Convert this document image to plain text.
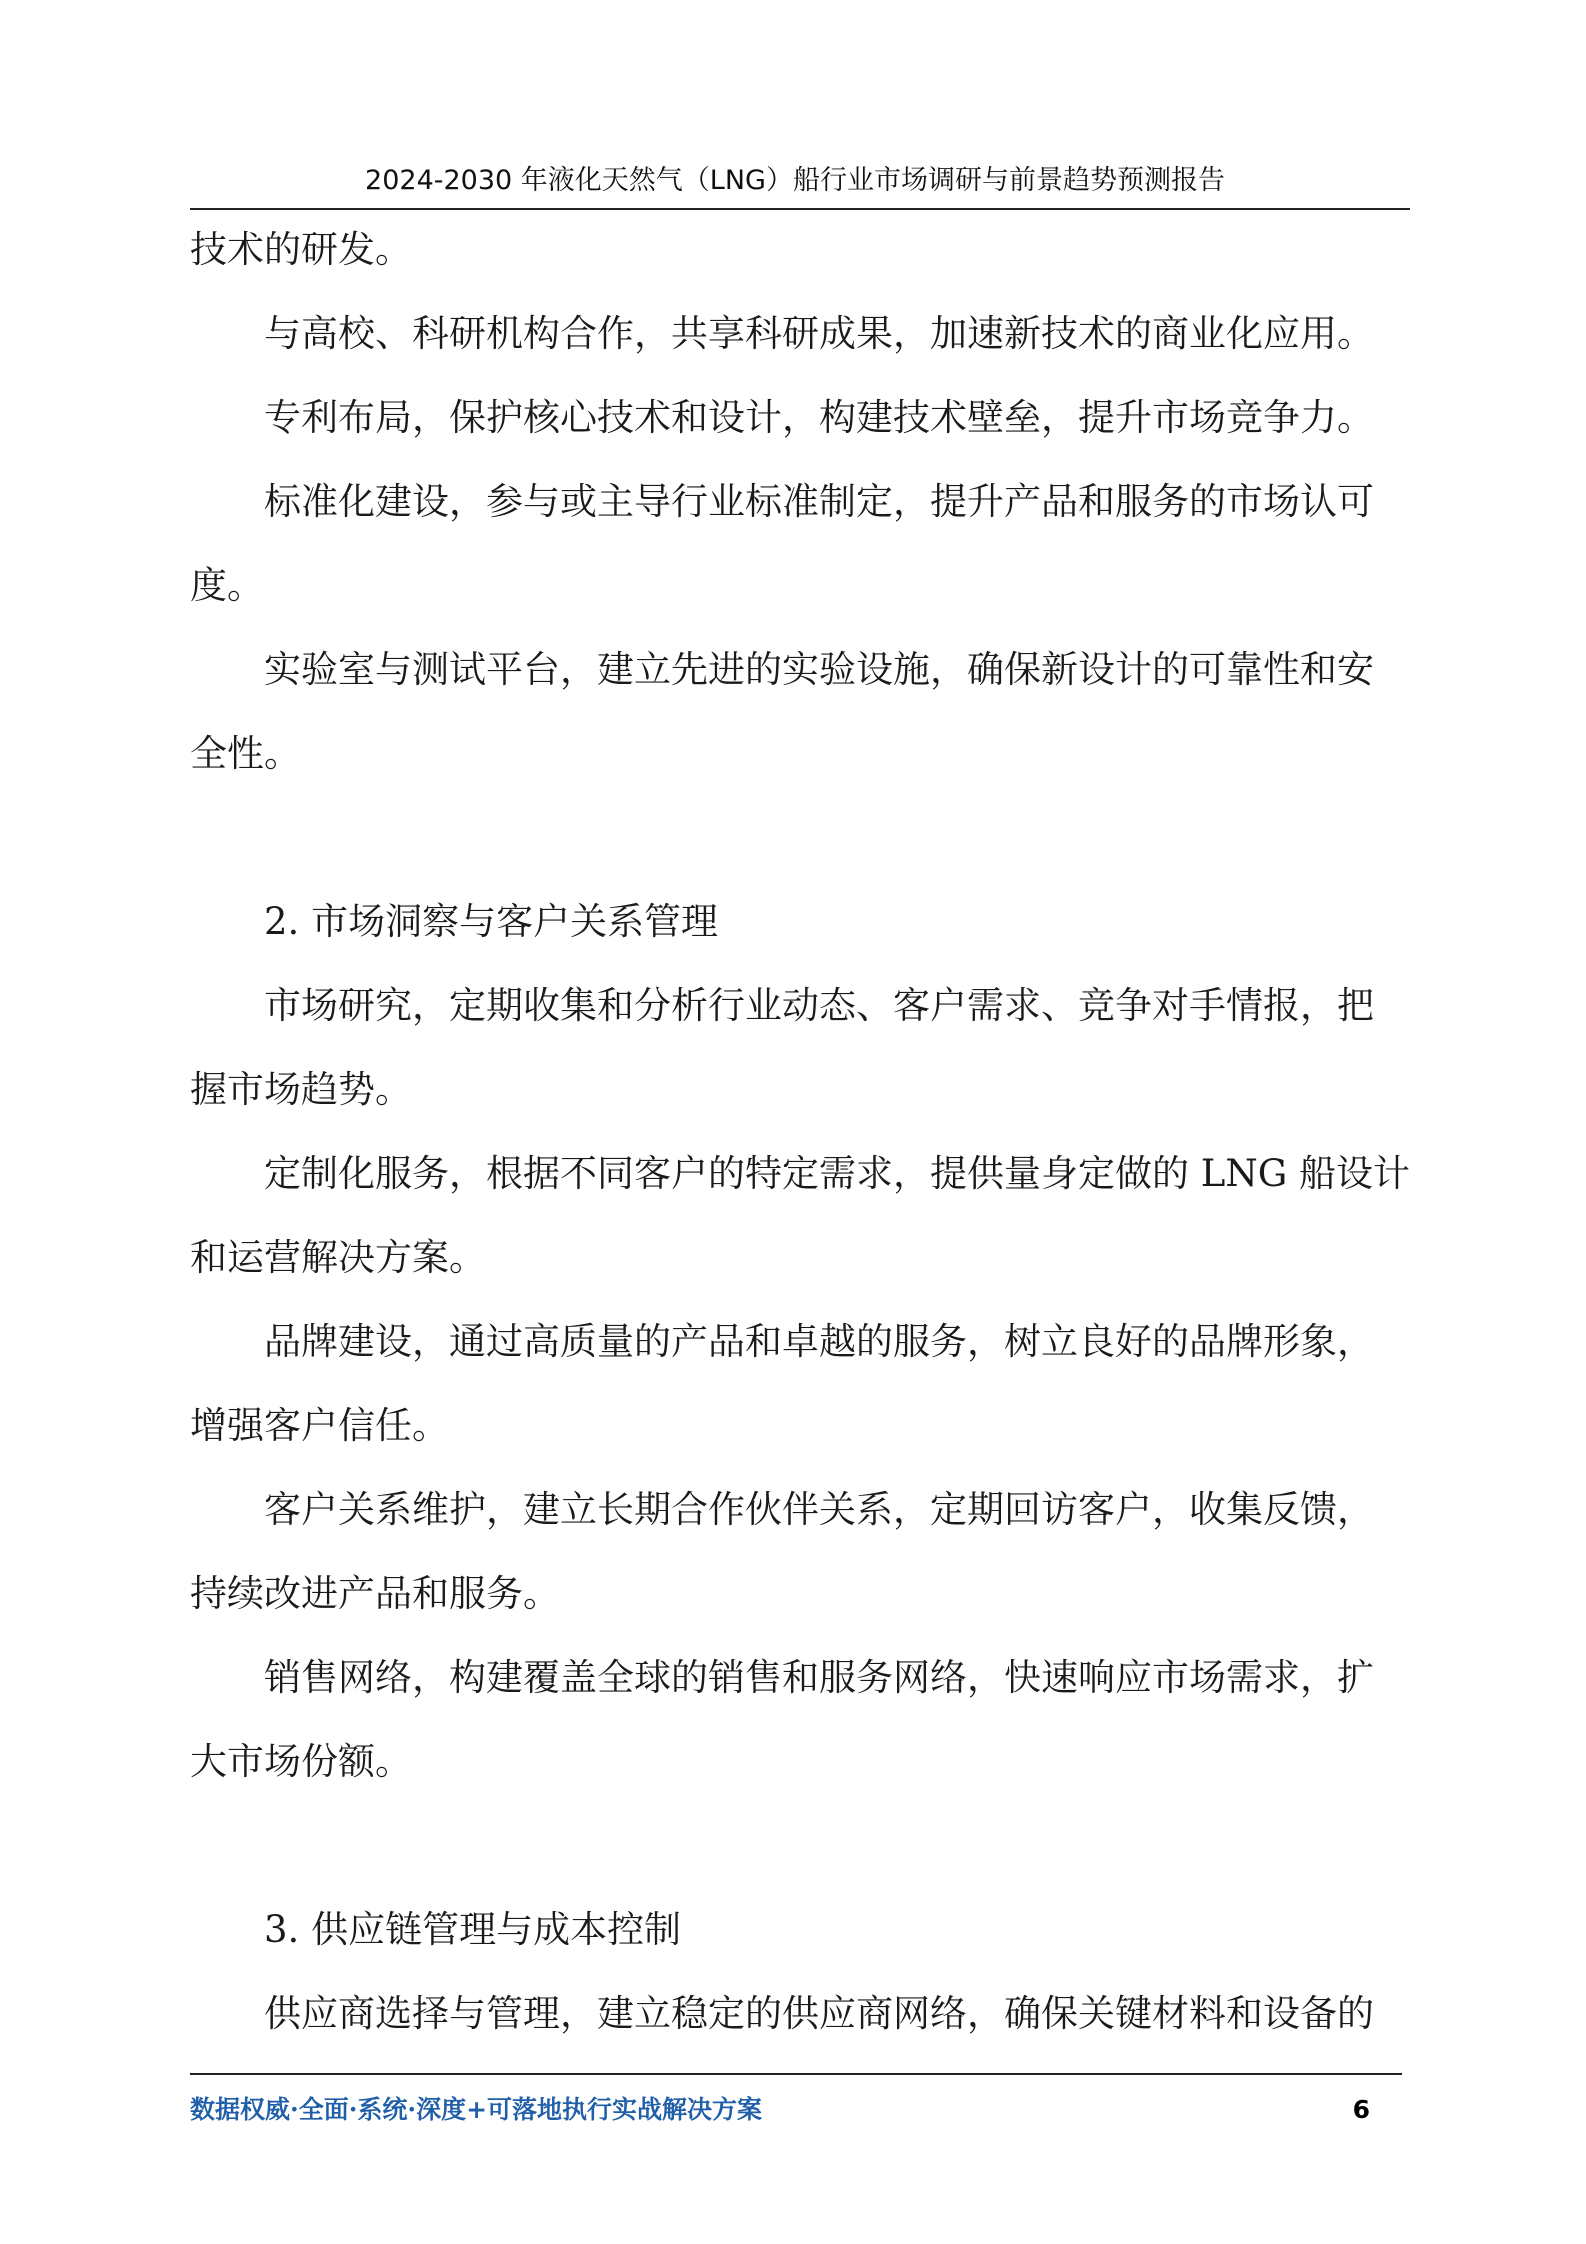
2024-2030 年液化天然气（LNG）船行业市场调研与前景趋势预测报告
技术的研发。
与高校、科研机构合作，共享科研成果，加速新技术的商业化应用。
专利布局，保护核心技术和设计，构建技术壁垒，提升市场竞争力。
标准化建设，参与或主导行业标准制定，提升产品和服务的市场认可
度。
实验室与测试平台，建立先进的实验设施，确保新设计的可靠性和安
全性。
2. 市场洞察与客户关系管理
市场研究，定期收集和分析行业动态、客户需求、竞争对手情报，把
握市场趋势。
定制化服务，根据不同客户的特定需求，提供量身定做的 LNG 船设计
和运营解决方案。
品牌建设，通过高质量的产品和卓越的服务，树立良好的品牌形象，
增强客户信任。
客户关系维护，建立长期合作伙伴关系，定期回访客户，收集反馈，
持续改进产品和服务。
销售网络，构建覆盖全球的销售和服务网络，快速响应市场需求，扩
大市场份额。
3. 供应链管理与成本控制
供应商选择与管理，建立稳定的供应商网络，确保关键材料和设备的
数据权威·全面·系统·深度+可落地执行实战解决方案	6
